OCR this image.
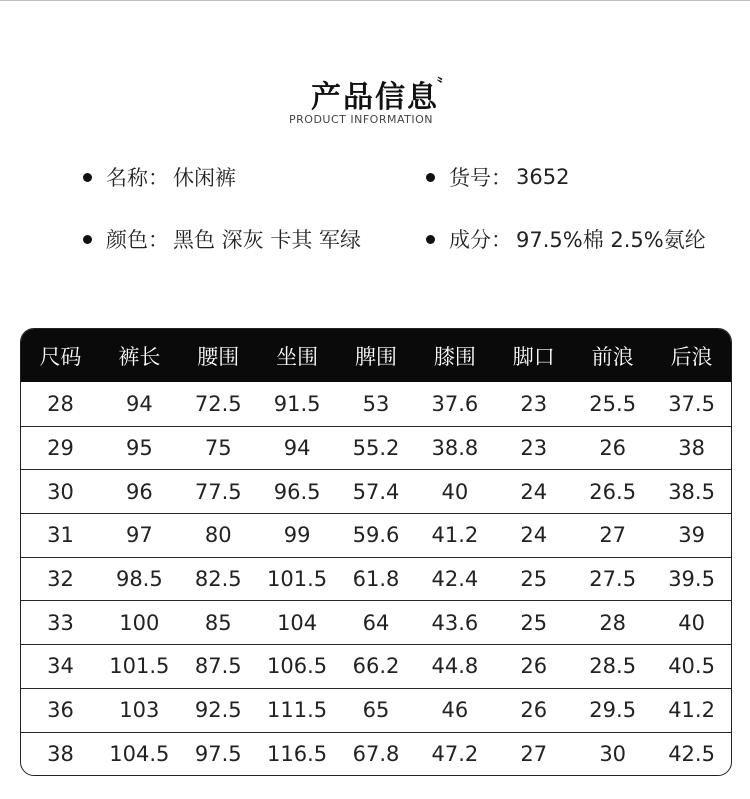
产品信息
〟
PRODUCT INFORMATION
名称： 休闲裤	货号： 3652
颜色： 黑色 深灰 卡其 军绿	成分： 97.5%棉 2.5%氨纶
尺码	裤长	腰围	坐围	脾围	膝围	脚口	前浪	后浪
28	94	72.5	91.5	53	37.6	23	25.5	37.5
29	95	75	94	55.2	38.8	23	26	38
30	96	77.5	96.5	57.4	40	24	26.5	38.5
31	97	80	99	59.6	41.2	24	27	39
32	98.5	82.5	101.5	61.8	42.4	25	27.5	39.5
33	100	85	104	64	43.6	25	28	40
34	101.5	87.5	106.5	66.2	44.8	26	28.5	40.5
36	103	92.5	111.5	65	46	26	29.5	41.2
38	104.5	97.5	116.5	67.8	47.2	27	30	42.5
